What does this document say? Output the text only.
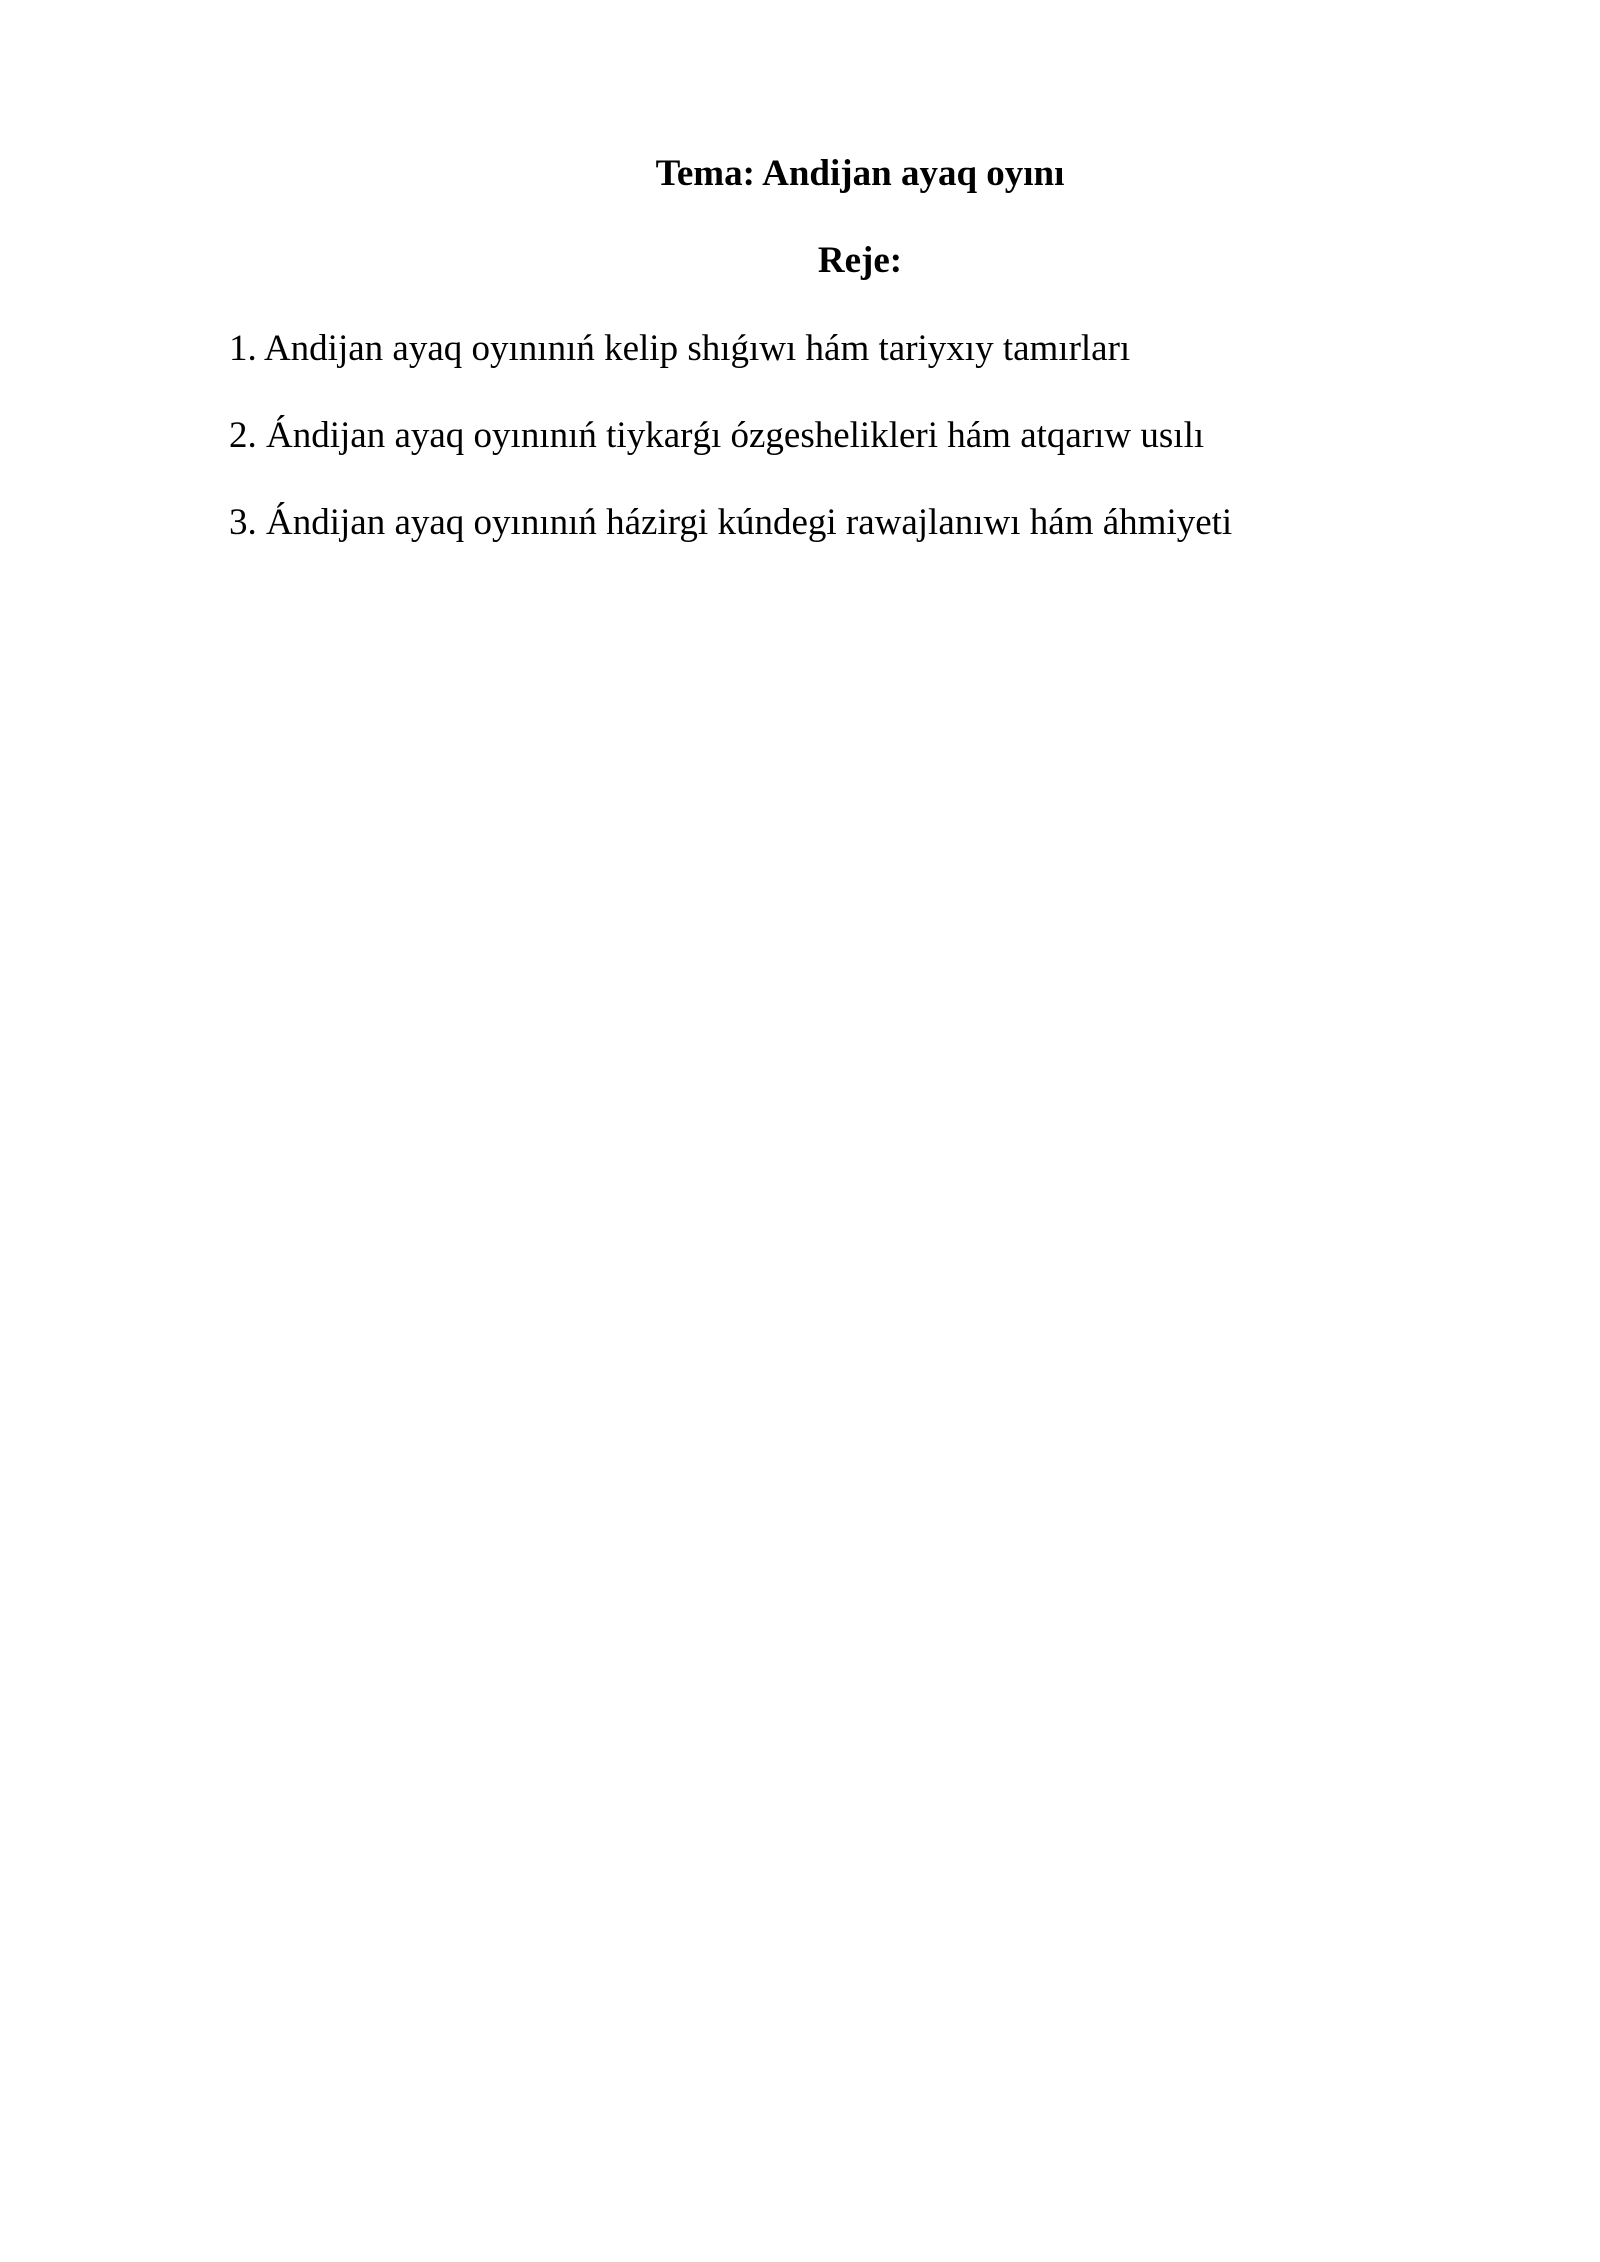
Tema: Andijan ayaq oyını
Reje:
1. Andijan ayaq oyınınıń kelip shıǵıwı hám tariyxıy tamırları
2. Ándijan ayaq oyınınıń tiykarǵı ózgeshelikleri hám atqarıw usılı
3. Ándijan ayaq oyınınıń házirgi kúndegi rawajlanıwı hám áhmiyeti
